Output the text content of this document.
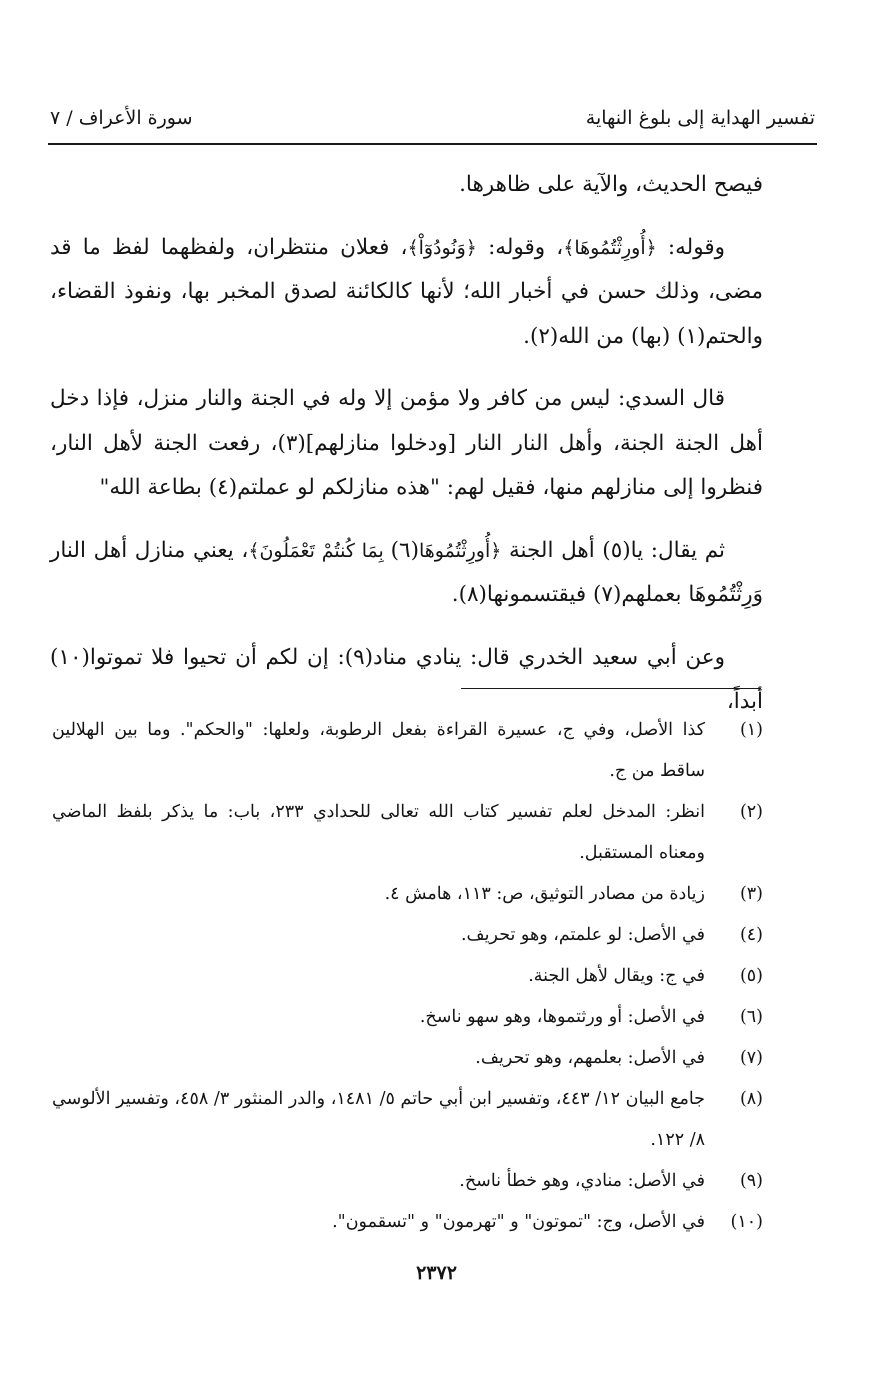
تفسير الهداية إلى بلوغ النهاية
سورة الأعراف / ٧

فيصح الحديث، والآية على ظاهرها.

وقوله: ﴿أُورِثْتُمُوهَا﴾، وقوله: ﴿وَنُودُوٓاْ﴾، فعلان منتظران، ولفظهما لفظ ما قد مضى، وذلك حسن في أخبار الله؛ لأنها كالكائنة لصدق المخبر بها، ونفوذ القضاء، والحتم(١) (بها) من الله(٢).

قال السدي: ليس من كافر ولا مؤمن إلا وله في الجنة والنار منزل، فإذا دخل أهل الجنة الجنة، وأهل النار النار [ودخلوا منازلهم](٣)، رفعت الجنة لأهل النار، فنظروا إلى منازلهم منها، فقيل لهم: "هذه منازلكم لو عملتم(٤) بطاعة الله"

ثم يقال: يا(٥) أهل الجنة ﴿أُورِثْتُمُوهَا(٦) بِمَا كُنتُمْ تَعْمَلُونَ﴾، يعني منازل أهل النار وَرِثْتُمُوهَا بعملهم(٧) فيقتسمونها(٨).

وعن أبي سعيد الخدري قال: ينادي مناد(٩): إن لكم أن تحيوا فلا تموتوا(١٠) أبداً،

(١)
كذا الأصل، وفي ج، عسيرة القراءة بفعل الرطوبة، ولعلها: "والحكم". وما بين الهلالين ساقط من ج.
(٢)
انظر: المدخل لعلم تفسير كتاب الله تعالى للحدادي ٢٣٣، باب: ما يذكر بلفظ الماضي ومعناه المستقبل.
(٣)
زيادة من مصادر التوثيق، ص: ١١٣، هامش ٤.
(٤)
في الأصل: لو علمتم، وهو تحريف.
(٥)
في ج: ويقال لأهل الجنة.
(٦)
في الأصل: أو ورثتموها، وهو سهو ناسخ.
(٧)
في الأصل: بعلمهم، وهو تحريف.
(٨)
جامع البيان ١٢/ ٤٤٣، وتفسير ابن أبي حاتم ٥/ ١٤٨١، والدر المنثور ٣/ ٤٥٨، وتفسير الألوسي ٨/ ١٢٢.
(٩)
في الأصل: منادي، وهو خطأ ناسخ.
(١٠)
في الأصل، وج: "تموتون" و "تهرمون" و "تسقمون".
٢٣٧٢
